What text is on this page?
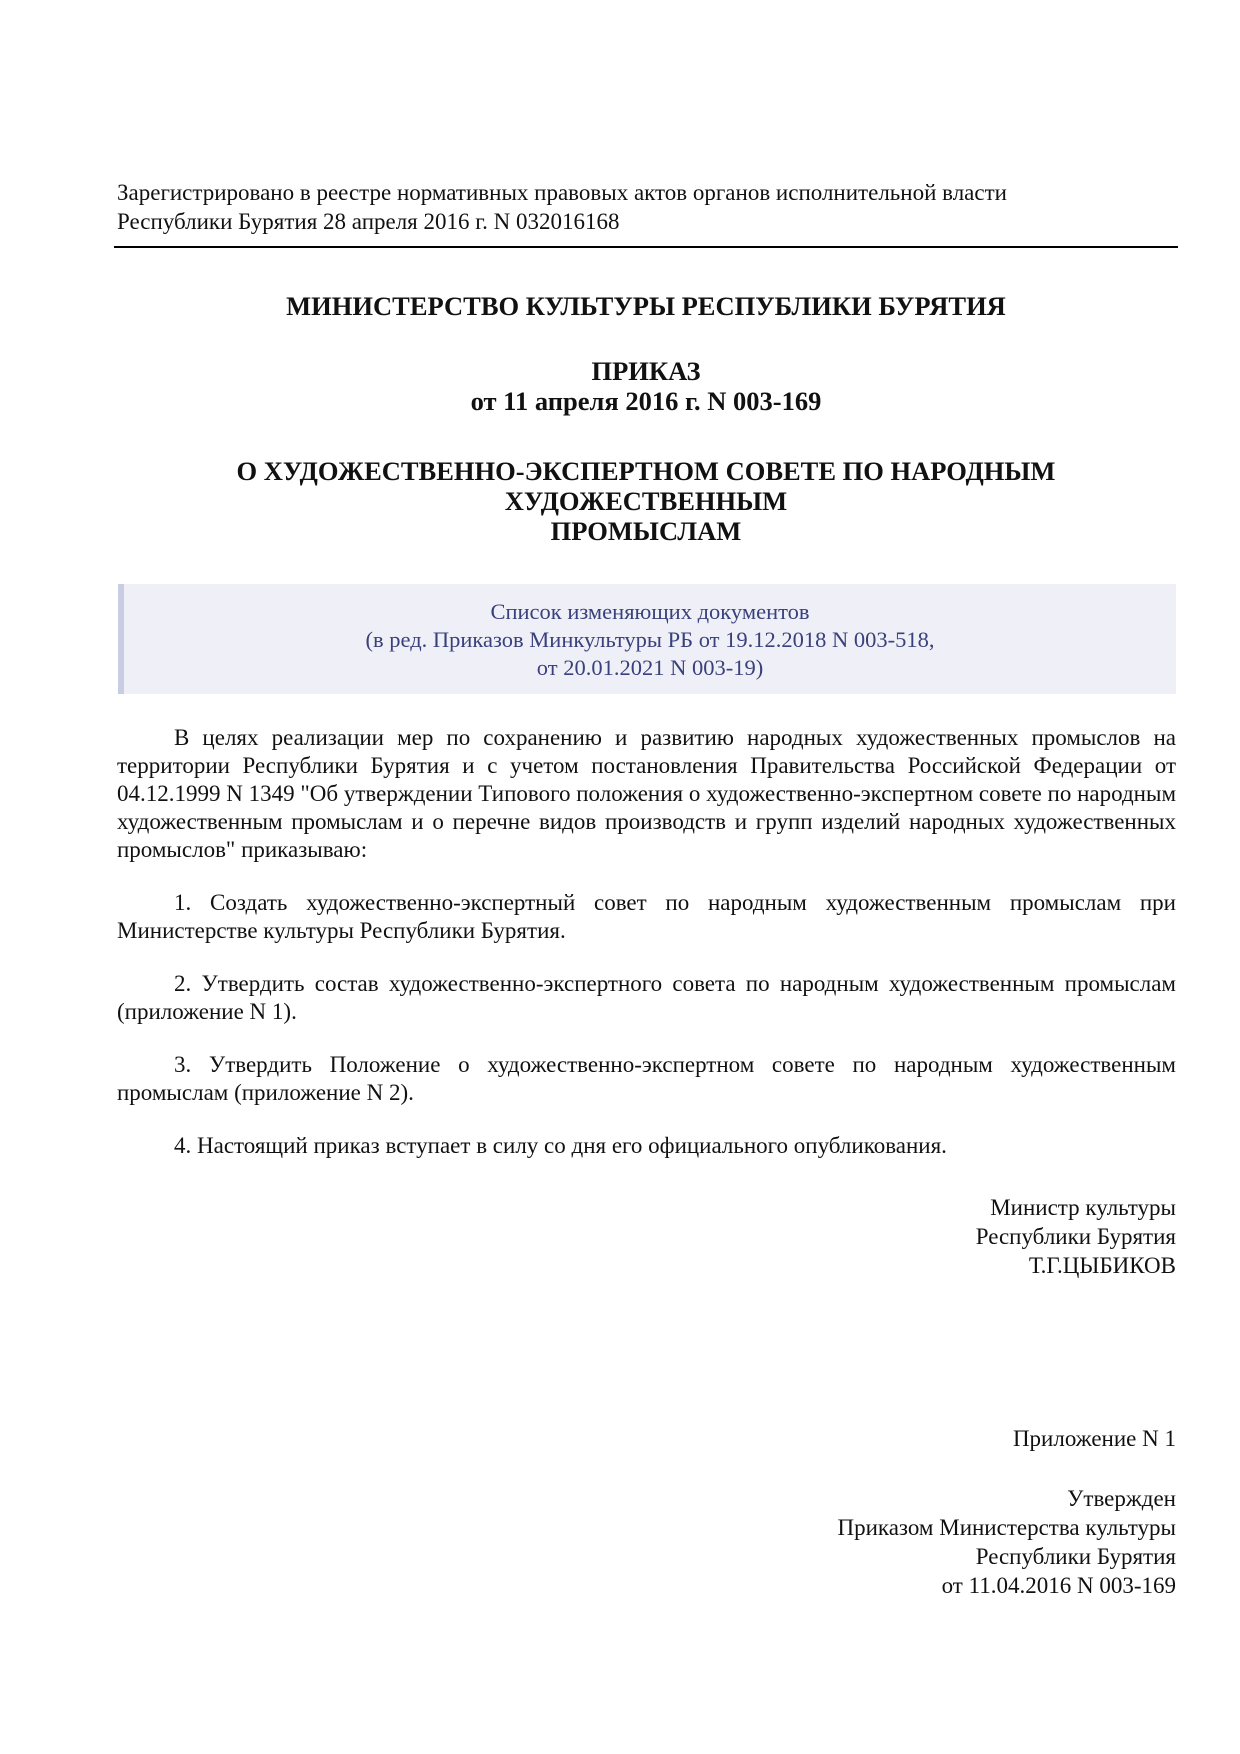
Зарегистрировано в реестре нормативных правовых актов органов исполнительной власти
Республики Бурятия 28 апреля 2016 г. N 032016168
МИНИСТЕРСТВО КУЛЬТУРЫ РЕСПУБЛИКИ БУРЯТИЯ
ПРИКАЗ
от 11 апреля 2016 г. N 003-169
О ХУДОЖЕСТВЕННО-ЭКСПЕРТНОМ СОВЕТЕ ПО НАРОДНЫМ
ХУДОЖЕСТВЕННЫМ
ПРОМЫСЛАМ
Список изменяющих документов
(в ред. Приказов Минкультуры РБ от 19.12.2018 N 003-518,
от 20.01.2021 N 003-19)

В целях реализации мер по сохранению и развитию народных художественных промыслов на территории Республики Бурятия и с учетом постановления Правительства Российской Федерации от 04.12.1999 N 1349 "Об утверждении Типового положения о художественно-экспертном совете по народным художественным промыслам и о перечне видов производств и групп изделий народных художественных промыслов" приказываю:

1. Создать художественно-экспертный совет по народным художественным промыслам при Министерстве культуры Республики Бурятия.

2. Утвердить состав художественно-экспертного совета по народным художественным промыслам (приложение N 1).

3. Утвердить Положение о художественно-экспертном совете по народным художественным промыслам (приложение N 2).

4. Настоящий приказ вступает в силу со дня его официального опубликования.

Министр культуры
Республики Бурятия
Т.Г.ЦЫБИКОВ
Приложение N 1
Утвержден
Приказом Министерства культуры
Республики Бурятия
от 11.04.2016 N 003-169
